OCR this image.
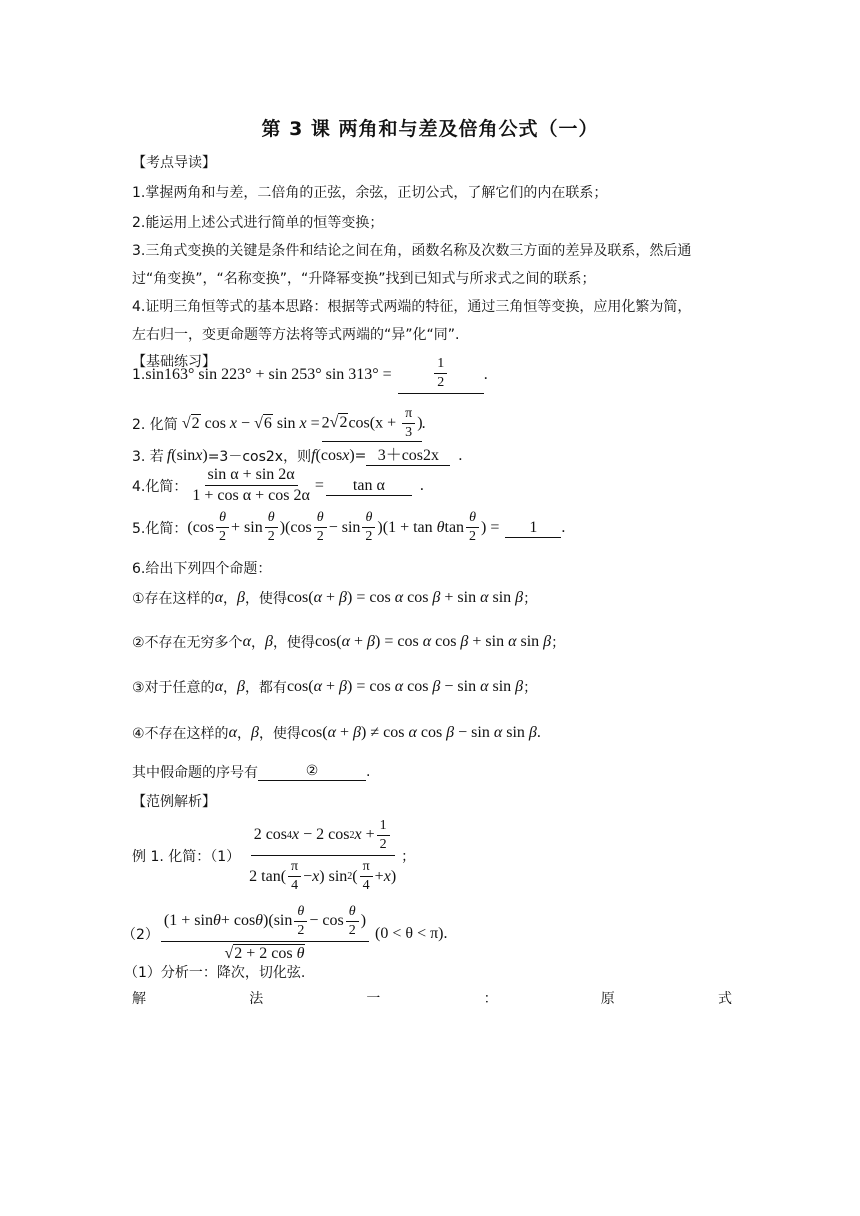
第 3 课 两角和与差及倍角公式（一）
【考点导读】
1.掌握两角和与差，二倍角的正弦，余弦，正切公式，了解它们的内在联系；
2.能运用上述公式进行简单的恒等变换；
3.三角式变换的关键是条件和结论之间在角，函数名称及次数三方面的差异及联系，然后通
过“角变换”，“名称变换”，“升降幂变换”找到已知式与所求式之间的联系；
4.证明三角恒等式的基本思路：根据等式两端的特征，通过三角恒等变换，应用化繁为简，
左右归一，变更命题等方法将等式两端的“异”化“同”.
【基础练习】
1. sin163° sin 223° + sin 253° sin 313° =	$\frac{1}{2}$ .
2. 化简 √2 cos x − √6 $\sin x = 2√2\cos(x + \frac{\pi}{3}$ ) .
3. 若 f (sinx) =3－cos2x，则 f (cosx) = 3＋cos2x	.
4.化简： $\frac{\text{sin α + sin 2α}}{\text{1 + cos α + cos 2α}}$ =	tan α	.
5.化简： $(\cos \frac{\theta}{2} + \sin \frac{\theta}{2} )(\cos \frac{\theta}{2} - \sin \frac{\theta}{2} )(1 + \tan \theta\tan \frac{\theta}{2}$ ) =	1	.
6.给出下列四个命题：
①存在这样的 α ， β ，使得 cos(α + β) = cos α cos β + sin α sin β ；
②不存在无穷多个 α ， β ，使得 cos(α + β) = cos α cos β + sin α sin β ；
③对于任意的 α ， β ，都有 cos(α + β) = cos α cos β − sin α sin β ；
④不存在这样的 α ， β ，使得 cos(α + β) ≠ cos α cos β − sin α sin β .
其中假命题的序号有	②	.
【范例解析】
例 1. 化简：$(1) \frac{2 \cos 4 x - 2 \cos 2 x + \frac{1}{2}}{2 \tan( \frac{\pi}{4} - x ) \sin 2 ( \frac{\pi}{4} + x )}$ ；
$(2) \frac{(1 + \sin \theta + \cos \theta )(\sin \frac{\theta}{2} - \cos \frac{\theta}{2} )}{\text{√2 + 2 cos θ}} (0 < \theta < \pi)$ .
（1）分析一：降次，切化弦.
解	法	一	：	原	式
